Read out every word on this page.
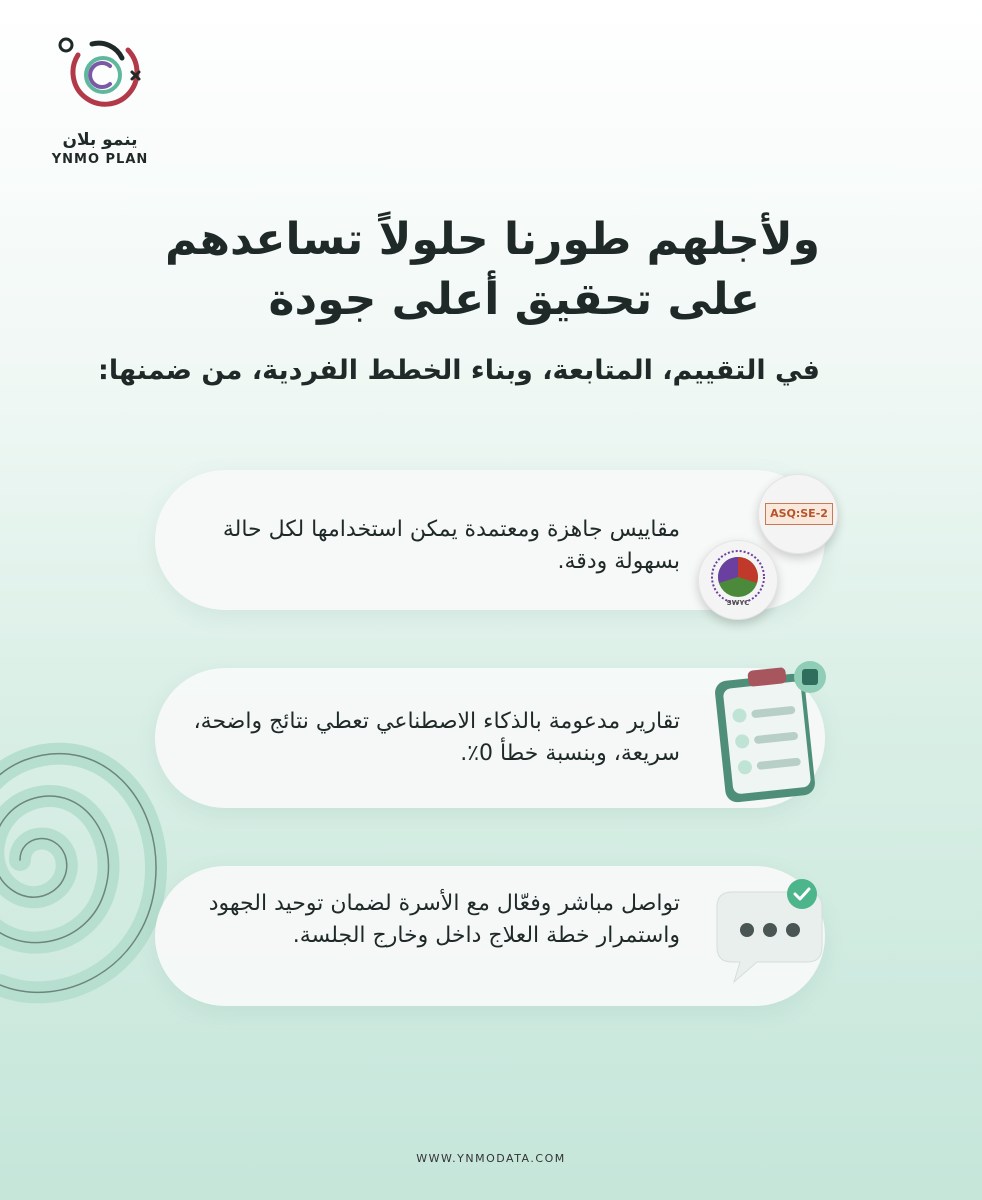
ينمو بلان
YNMO PLAN
ولأجلهم طورنا حلولاً تساعدهم
على تحقيق أعلى جودة
في التقييم، المتابعة، وبناء الخطط الفردية، من ضمنها:
مقاييس جاهزة ومعتمدة يمكن استخدامها لكل حالة بسهولة ودقة.
ASQ:SE-2
SWYC
تقارير مدعومة بالذكاء الاصطناعي تعطي نتائج واضحة، سريعة، وبنسبة خطأ 0٪.
تواصل مباشر وفعّال مع الأسرة لضمان توحيد الجهود واستمرار خطة العلاج داخل وخارج الجلسة.
WWW.YNMODATA.COM
